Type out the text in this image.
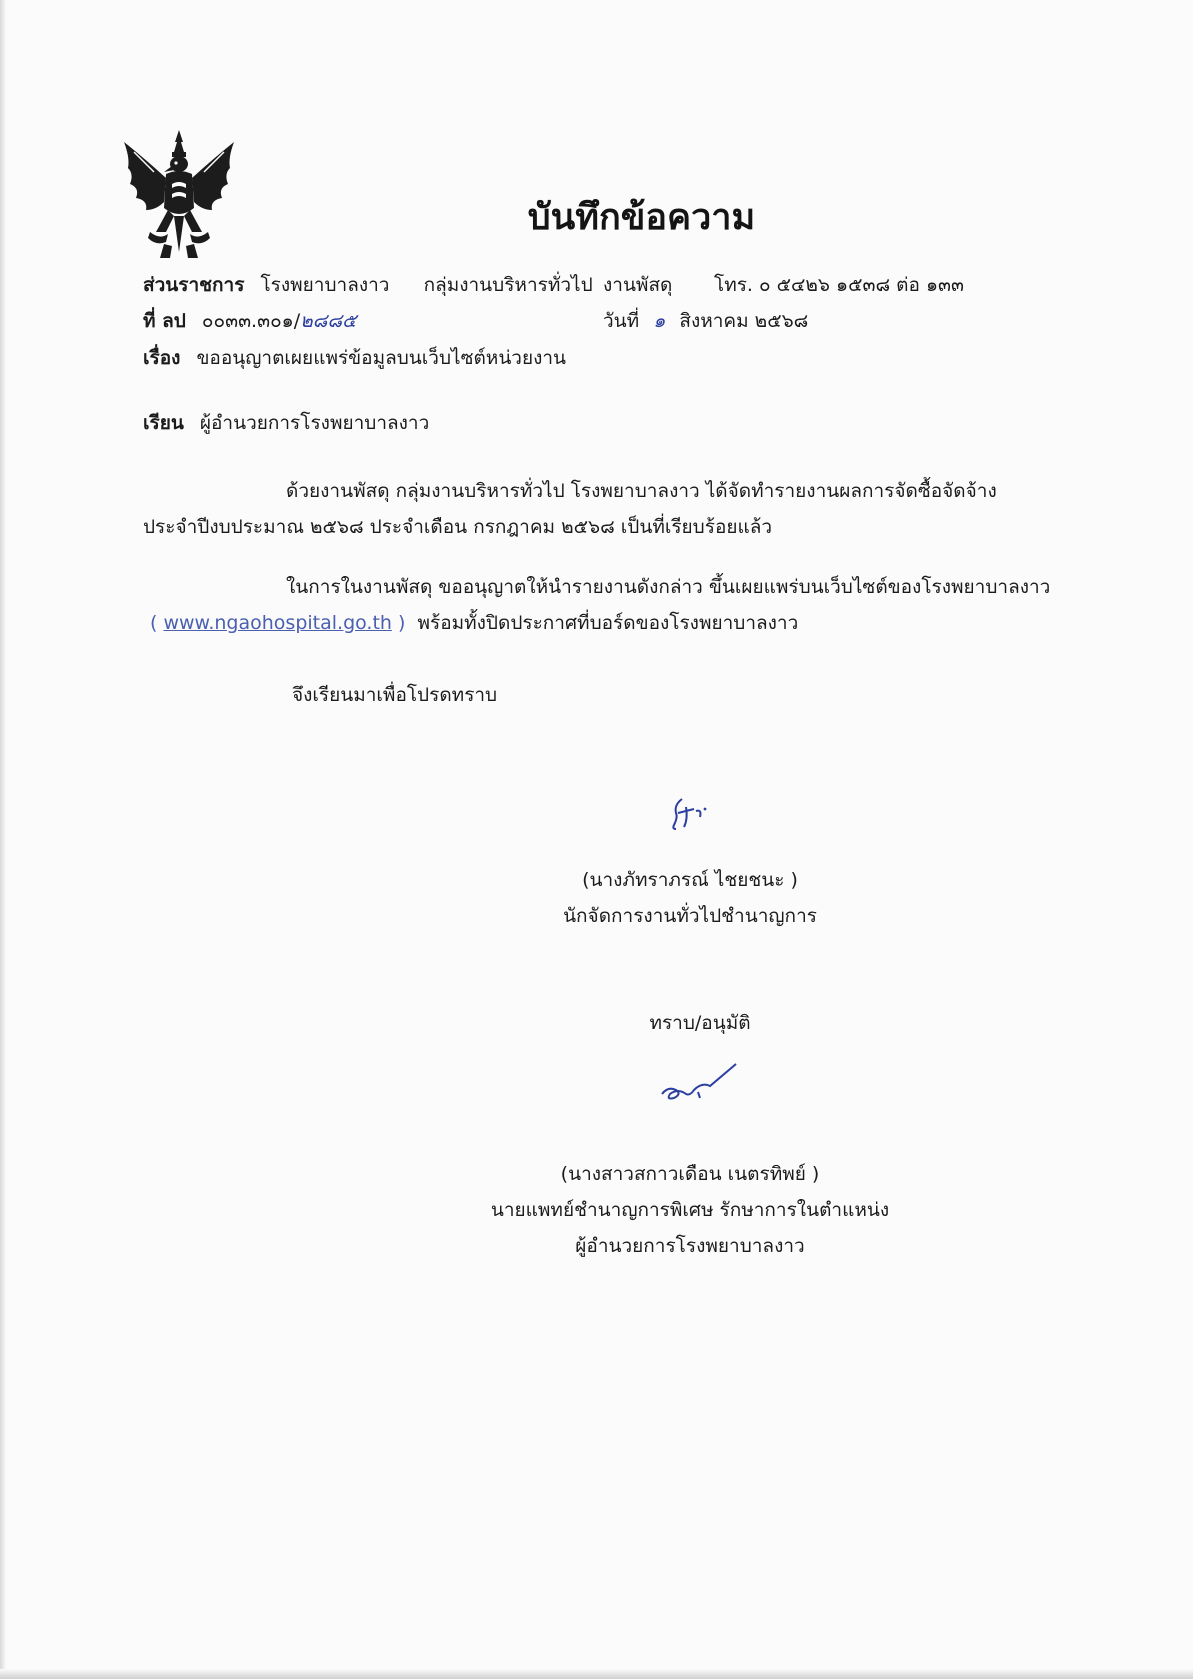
บันทึกข้อความ
ส่วนราชการ โรงพยาบาลงาว กลุ่มงานบริหารทั่วไป งานพัสดุ โทร. ๐ ๕๔๒๖ ๑๕๓๘ ต่อ ๑๓๓
ที่ ลป ๐๐๓๓.๓๐๑/๒๘๘๕	วันที่ ๑ สิงหาคม ๒๕๖๘
เรื่อง ขออนุญาตเผยแพร่ข้อมูลบนเว็บไซต์หน่วยงาน
เรียน ผู้อำนวยการโรงพยาบาลงาว
ด้วยงานพัสดุ กลุ่มงานบริหารทั่วไป โรงพยาบาลงาว ได้จัดทำรายงานผลการจัดซื้อจัดจ้าง
ประจำปีงบประมาณ ๒๕๖๘ ประจำเดือน กรกฎาคม ๒๕๖๘ เป็นที่เรียบร้อยแล้ว
ในการในงานพัสดุ ขออนุญาตให้นำรายงานดังกล่าว ขึ้นเผยแพร่บนเว็บไซต์ของโรงพยาบาลงาว
( www.ngaohospital.go.th ) พร้อมทั้งปิดประกาศที่บอร์ดของโรงพยาบาลงาว
จึงเรียนมาเพื่อโปรดทราบ
(นางภัทราภรณ์ ไชยชนะ )
นักจัดการงานทั่วไปชำนาญการ
ทราบ/อนุมัติ
(นางสาวสกาวเดือน เนตรทิพย์ )
นายแพทย์ชำนาญการพิเศษ รักษาการในตำแหน่ง
ผู้อำนวยการโรงพยาบาลงาว
